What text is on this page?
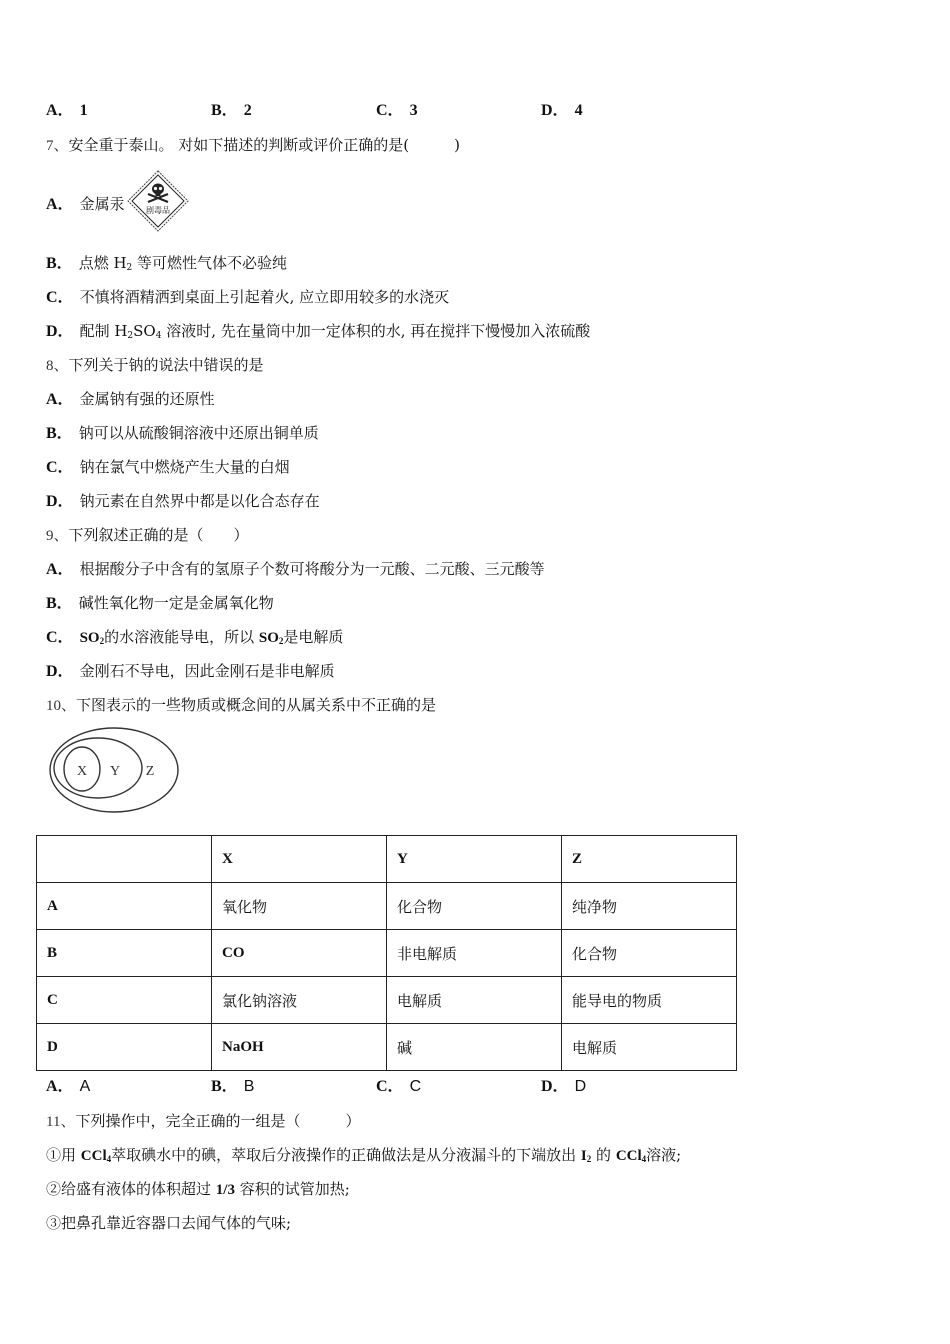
A． 1	B． 2	C． 3	D． 4
7、安全重于泰山。 对如下描述的判断或评价正确的是(　　　)
A． 金属汞	剧毒品
B． 点燃 $H_2$ 等可燃性气体不必验纯
C． 不慎将酒精洒到桌面上引起着火, 应立即用较多的水浇灭
D． 配制 $H_2SO_4$ 溶液时, 先在量筒中加一定体积的水, 再在搅拌下慢慢加入浓硫酸
8、下列关于钠的说法中错误的是
A． 金属钠有强的还原性
B． 钠可以从硫酸铜溶液中还原出铜单质
C． 钠在氯气中燃烧产生大量的白烟
D． 钠元素在自然界中都是以化合态存在
9、下列叙述正确的是（　　）
A． 根据酸分子中含有的氢原子个数可将酸分为一元酸、二元酸、三元酸等
B． 碱性氧化物一定是金属氧化物
C． $SO_2$的水溶液能导电，所以 $SO_2$是电解质
D． 金刚石不导电，因此金刚石是非电解质
10、下图表示的一些物质或概念间的从属关系中不正确的是
X Y Z
	X	Y	Z
A	氧化物	化合物	纯净物
B	CO	非电解质	化合物
C	氯化钠溶液	电解质	能导电的物质
D	NaOH	碱	电解质
A． A	B． B	C． C	D． D
11、下列操作中，完全正确的一组是（　　　）
①用 CCl$_4$萃取碘水中的碘，萃取后分液操作的正确做法是从分液漏斗的下端放出 $I_2$ 的 CCl$_4$溶液;
②给盛有液体的体积超过 1/3 容积的试管加热;
③把鼻孔靠近容器口去闻气体的气味;
